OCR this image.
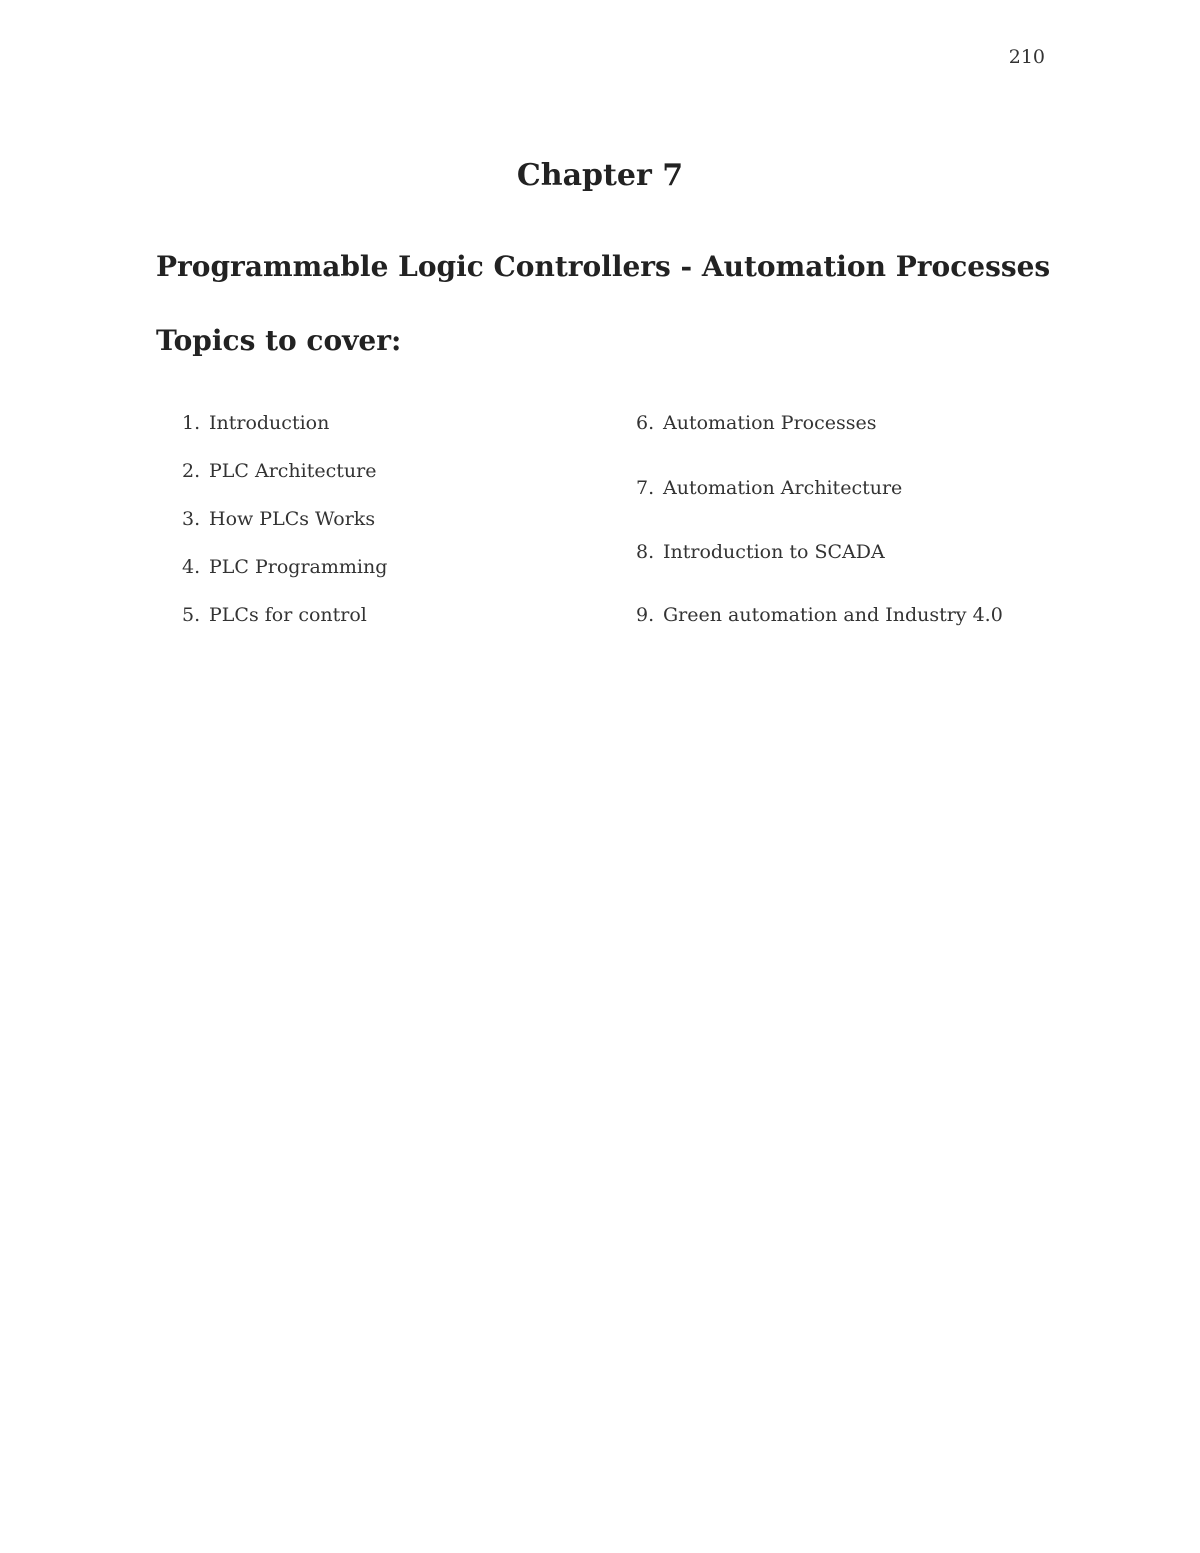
210
Chapter 7
Programmable Logic Controllers - Automation Processes
Topics to cover:
1. Introduction
2. PLC Architecture
3. How PLCs Works
4. PLC Programming
5. PLCs for control
6. Automation Processes
7. Automation Architecture
8. Introduction to SCADA
9. Green automation and Industry 4.0
